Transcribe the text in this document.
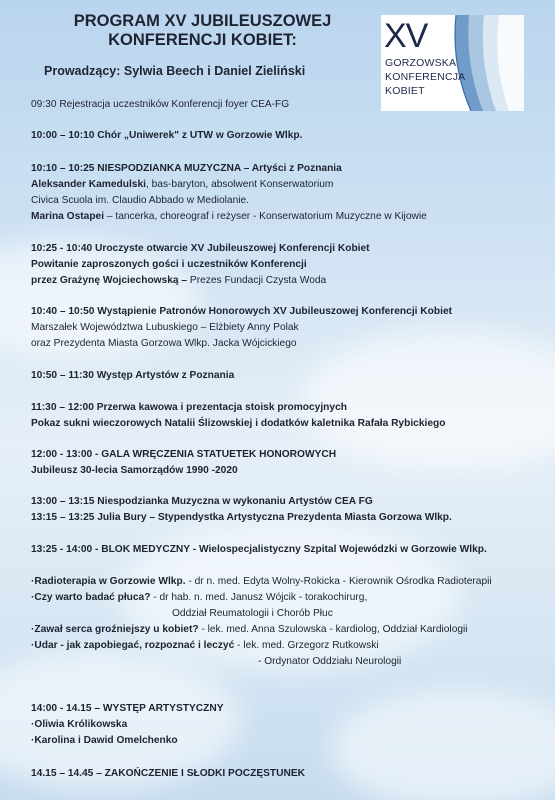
PROGRAM XV JUBILEUSZOWEJ
KONFERENCJI KOBIET:
Prowadzący: Sylwia Beech i Daniel Zieliński
XV
GORZOWSKA
KONFERENCJA
KOBIET
09:30 Rejestracja uczestników Konferencji foyer CEA-FG
10:00 – 10:10 Chór „Uniwerek" z UTW w Gorzowie Wlkp.
10:10 – 10:25 NIESPODZIANKA MUZYCZNA – Artyści z Poznania
Aleksander Kamedulski, bas-baryton, absolwent Konserwatorium
Civica Scuola im. Claudio Abbado w Mediolanie.
Marina Ostapei – tancerka, choreograf i reżyser - Konserwatorium Muzyczne w Kijowie
10:25 - 10:40 Uroczyste otwarcie XV Jubileuszowej Konferencji Kobiet
Powitanie zaproszonych gości i uczestników Konferencji
przez Grażynę Wojciechowską – Prezes Fundacji Czysta Woda
10:40 – 10:50 Wystąpienie Patronów Honorowych XV Jubileuszowej Konferencji Kobiet
Marszałek Województwa Lubuskiego – Elżbiety Anny Polak
oraz Prezydenta Miasta Gorzowa Wlkp. Jacka Wójcickiego
10:50 – 11:30 Występ Artystów z Poznania
11:30 – 12:00 Przerwa kawowa i prezentacja stoisk promocyjnych
Pokaz sukni wieczorowych Natalii Ślizowskiej i dodatków kaletnika Rafała Rybickiego
12:00 - 13:00 - GALA WRĘCZENIA STATUETEK HONOROWYCH
Jubileusz 30-lecia Samorządów 1990 -2020
13:00 – 13:15 Niespodzianka Muzyczna w wykonaniu Artystów CEA FG
13:15 – 13:25 Julia Bury – Stypendystka Artystyczna Prezydenta Miasta Gorzowa Wlkp.
13:25 - 14:00 - BLOK MEDYCZNY - Wielospecjalistyczny Szpital Wojewódzki w Gorzowie Wlkp.
·Radioterapia w Gorzowie Wlkp. - dr n. med. Edyta Wolny-Rokicka - Kierownik Ośrodka Radioterapii
·Czy warto badać płuca? - dr hab. n. med. Janusz Wójcik - torakochirurg,
Oddział Reumatologii i Chorób Płuc
·Zawał serca groźniejszy u kobiet? - lek. med. Anna Szulowska - kardiolog, Oddział Kardiologii
·Udar - jak zapobiegać, rozpoznać i leczyć - lek. med. Grzegorz Rutkowski
- Ordynator Oddziału Neurologii
14:00 - 14.15 – WYSTĘP ARTYSTYCZNY
·Oliwia Królikowska
·Karolina i Dawid Omelchenko
14.15 – 14.45 – ZAKOŃCZENIE I SŁODKI POCZĘSTUNEK
